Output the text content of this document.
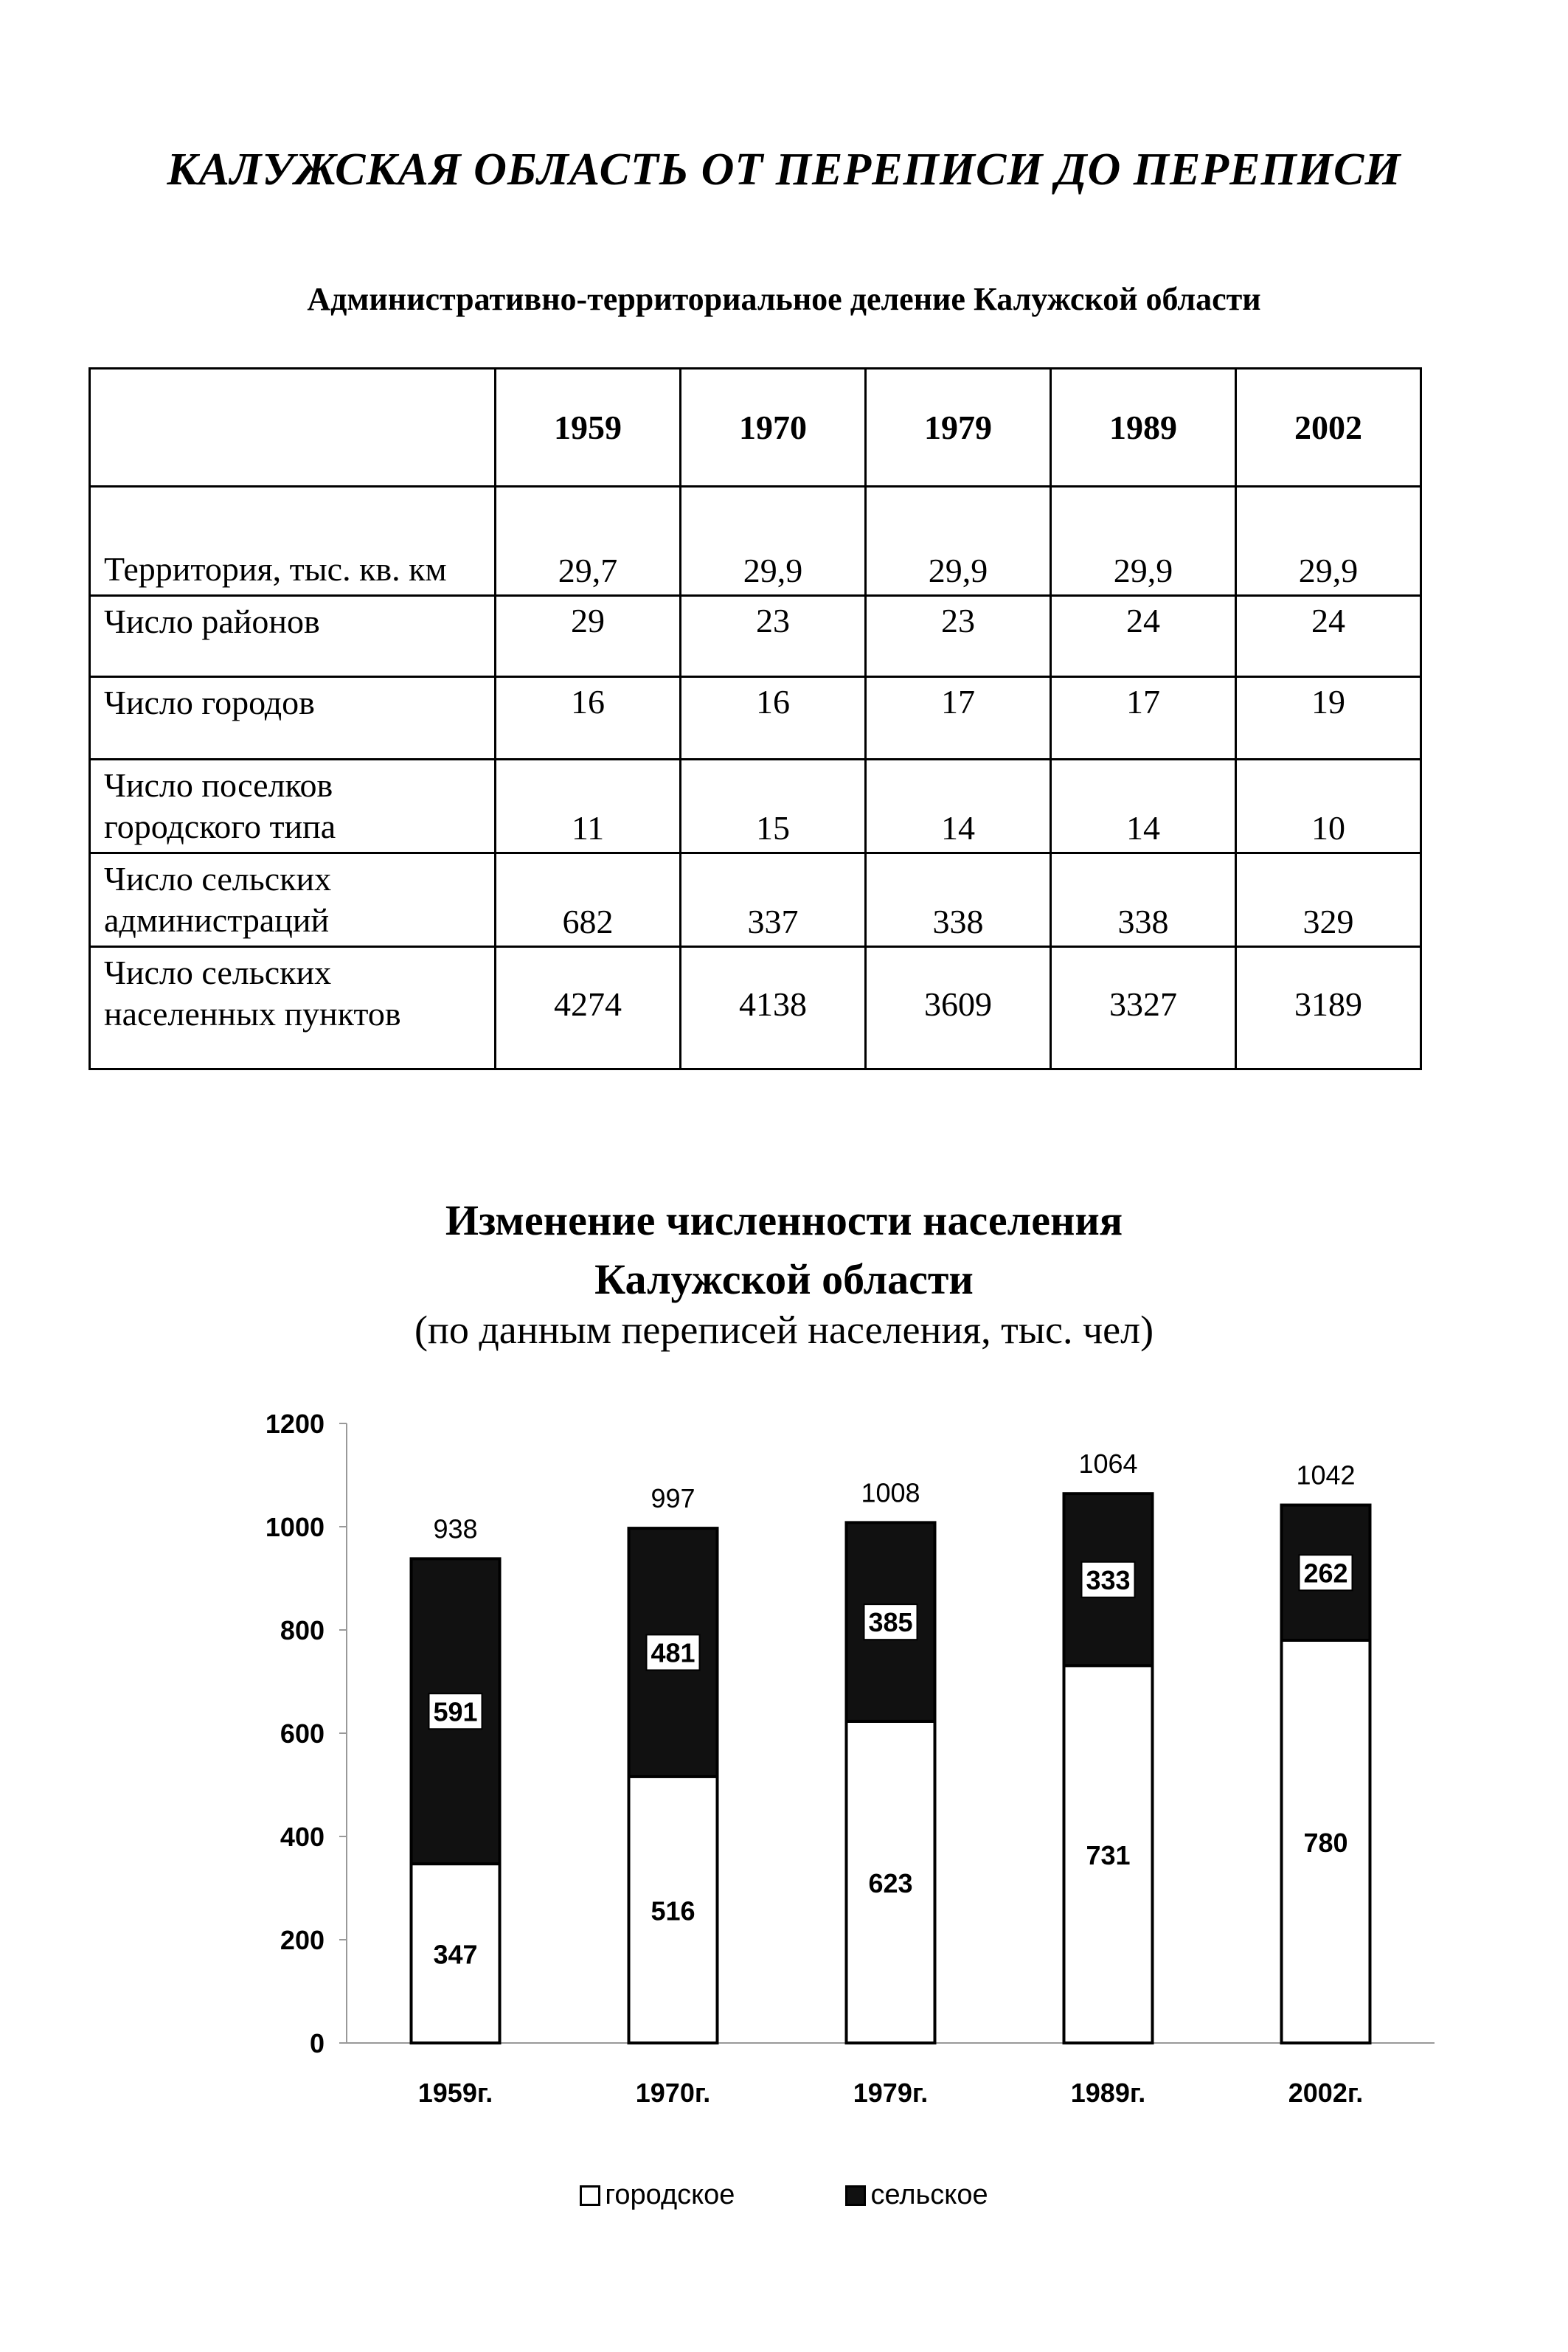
КАЛУЖСКАЯ ОБЛАСТЬ ОТ ПЕРЕПИСИ ДО ПЕРЕПИСИ
Административно-территориальное деление Калужской области
	1959	1970	1979	1989	2002
Территория, тыс. кв. км	29,7	29,9	29,9	29,9	29,9
Число районов	29	23	23	24	24
Число городов	16	16	17	17	19
Число поселков городского типа	11	15	14	14	10
Число сельских администраций	682	337	338	338	329
Число сельских населенных пунктов	4274	4138	3609	3327	3189
Изменение численности населения Калужской области
(по данным переписей населения, тыс. чел)
0
200
400
600
800
1000
1200
347
591
938
1959г.
516
481
997
1970г.
623
385
1008
1979г.
731
333
1064
1989г.
780
262
1042
2002г.
городское	сельское
